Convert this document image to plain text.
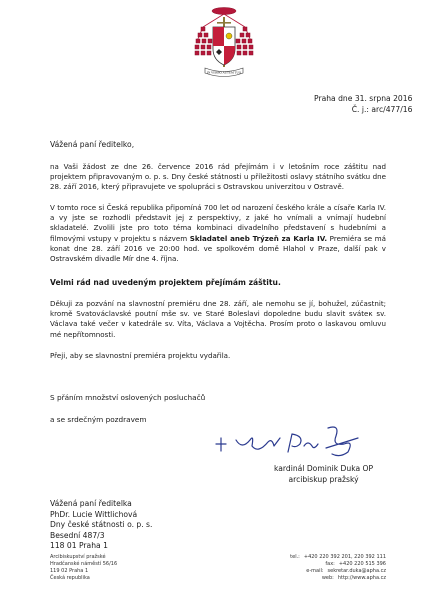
IN VERBO AUTEM TUO
Praha dne 31. srpna 2016
Č. j.: arc/477/16
Vážená paní ředitelko,
na Vaši žádost ze dne 26. července 2016 rád přejímám i v letošním roce záštitu nad projektem připravovaným o. p. s. Dny české státnosti u příležitosti oslavy státního svátku dne 28. září 2016, který připravujete ve spolupráci s Ostravskou univerzitou v Ostravě.
V tomto roce si Česká republika připomíná 700 let od narození českého krále a císaře Karla IV. a vy jste se rozhodli představit jej z perspektivy, z jaké ho vnímali a vnímají hudební skladatelé. Zvolili jste pro toto téma kombinaci divadelního představení s hudebními a filmovými vstupy v projektu s názvem Skladatel aneb Trýzeň za Karla IV. Premiéra se má konat dne 28. září 2016 ve 20:00 hod. ve spolkovém domě Hlahol v Praze, další pak v Ostravském divadle Mír dne 4. října.
Velmi rád nad uvedeným projektem přejímám záštitu.
Děkuji za pozvání na slavnostní premiéru dne 28. září, ale nemohu se jí, bohužel, zúčastnit; kromě Svatováclavské poutní mše sv. ve Staré Boleslavi dopoledne budu slavit sváteк sv. Václava také večer v katedrále sv. Víta, Václava a Vojtěcha. Prosím proto o laskavou omluvu mé nepřítomnosti.
Přeji, aby se slavnostní premiéra projektu vydařila.
S přáním množství oslovených posluchačů
a se srdečným pozdravem
kardinál Dominik Duka OP
arcibiskup pražský
Vážená paní ředitelka
PhDr. Lucie Wittlichová
Dny české státnosti o. p. s.
Besední 487/3
118 01 Praha 1
Arcibiskupství pražské
Hradčanské náměstí 56/16
119 02 Praha 1
Česká republika
tel.: +420 220 392 201, 220 392 111
fax: +420 220 515 396
e-mail: sekretar.duka@apha.cz
web: http://www.apha.cz
